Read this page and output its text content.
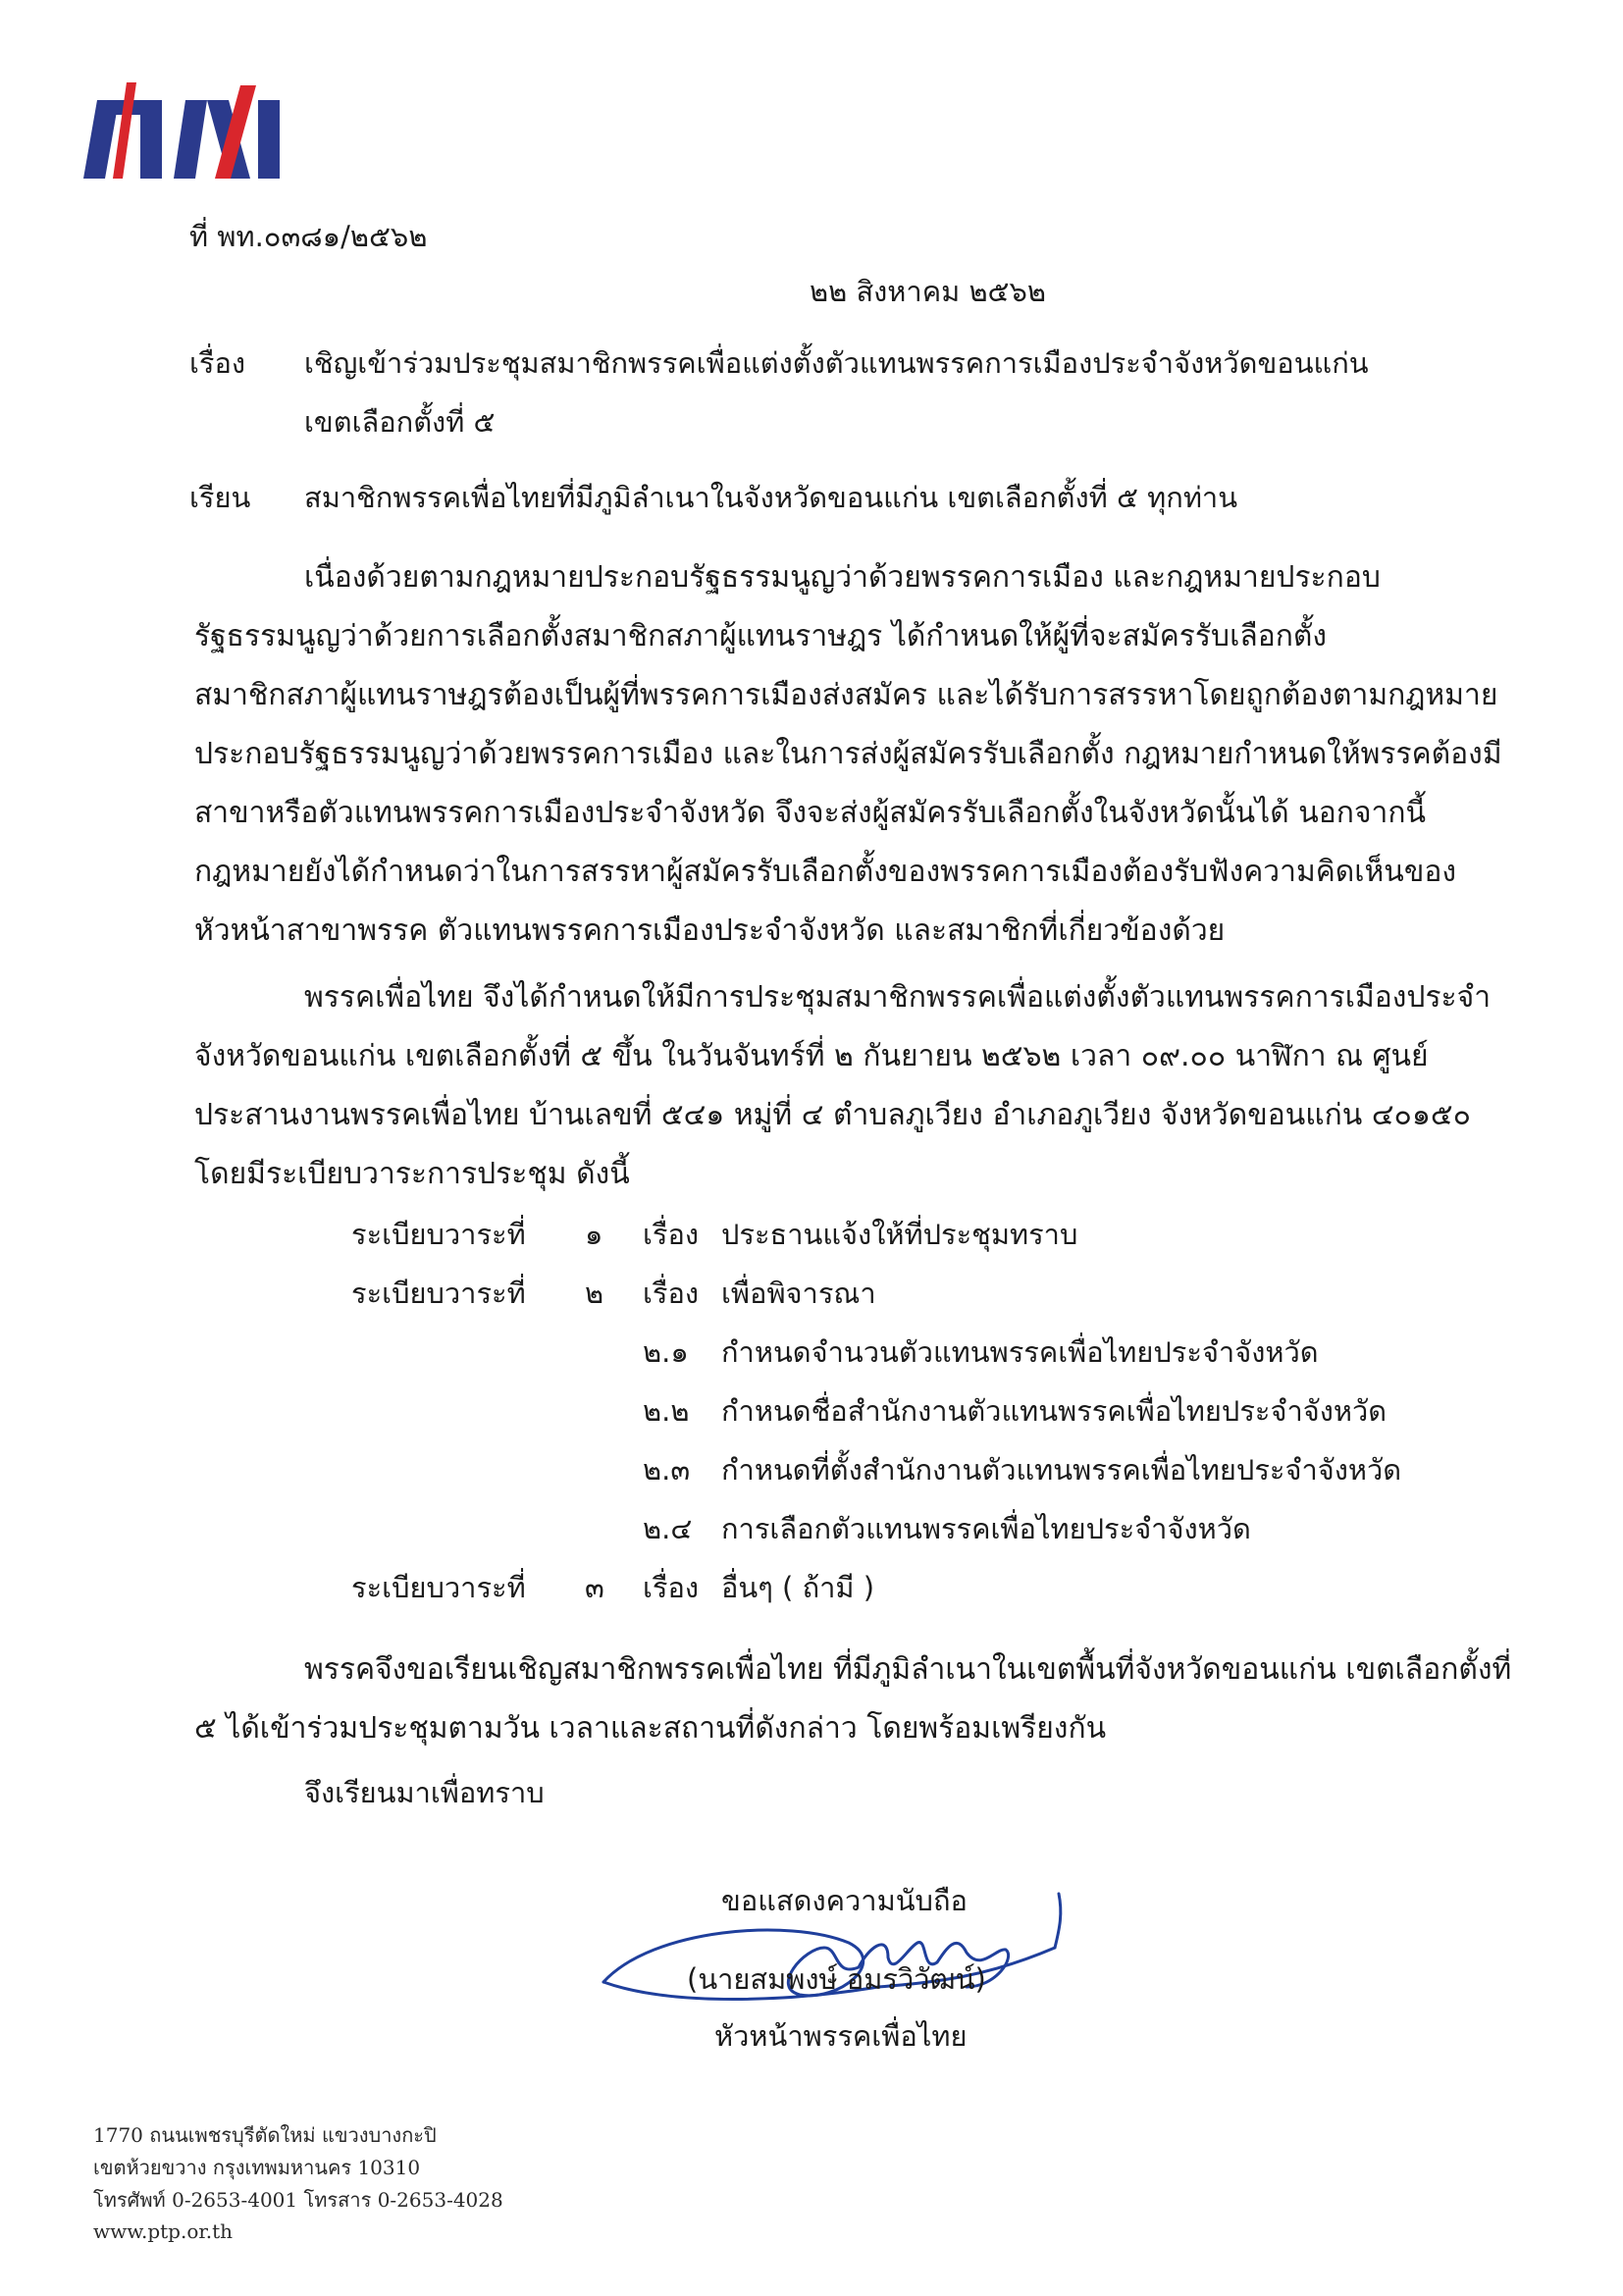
ที่ พท.๐๓๘๑/๒๕๖๒
๒๒ สิงหาคม ๒๕๖๒
เรื่อง เชิญเข้าร่วมประชุมสมาชิกพรรคเพื่อแต่งตั้งตัวแทนพรรคการเมืองประจำจังหวัดขอนแก่น
เขตเลือกตั้งที่ ๕
เรียน สมาชิกพรรคเพื่อไทยที่มีภูมิลำเนาในจังหวัดขอนแก่น เขตเลือกตั้งที่ ๕ ทุกท่าน
เนื่องด้วยตามกฎหมายประกอบรัฐธรรมนูญว่าด้วยพรรคการเมือง และกฎหมายประกอบ
รัฐธรรมนูญว่าด้วยการเลือกตั้งสมาชิกสภาผู้แทนราษฎร ได้กำหนดให้ผู้ที่จะสมัครรับเลือกตั้ง
สมาชิกสภาผู้แทนราษฎรต้องเป็นผู้ที่พรรคการเมืองส่งสมัคร และได้รับการสรรหาโดยถูกต้องตามกฎหมาย
ประกอบรัฐธรรมนูญว่าด้วยพรรคการเมือง และในการส่งผู้สมัครรับเลือกตั้ง กฎหมายกำหนดให้พรรคต้องมี
สาขาหรือตัวแทนพรรคการเมืองประจำจังหวัด จึงจะส่งผู้สมัครรับเลือกตั้งในจังหวัดนั้นได้ นอกจากนี้
กฎหมายยังได้กำหนดว่าในการสรรหาผู้สมัครรับเลือกตั้งของพรรคการเมืองต้องรับฟังความคิดเห็นของ
หัวหน้าสาขาพรรค ตัวแทนพรรคการเมืองประจำจังหวัด และสมาชิกที่เกี่ยวข้องด้วย
พรรคเพื่อไทย จึงได้กำหนดให้มีการประชุมสมาชิกพรรคเพื่อแต่งตั้งตัวแทนพรรคการเมืองประจำ
จังหวัดขอนแก่น เขตเลือกตั้งที่ ๕ ขึ้น ในวันจันทร์ที่ ๒ กันยายน ๒๕๖๒ เวลา ๐๙.๐๐ นาฬิกา ณ ศูนย์
ประสานงานพรรคเพื่อไทย บ้านเลขที่ ๕๔๑ หมู่ที่ ๔ ตำบลภูเวียง อำเภอภูเวียง จังหวัดขอนแก่น ๔๐๑๕๐
โดยมีระเบียบวาระการประชุม ดังนี้
ระเบียบวาระที่ ๑ เรื่อง ประธานแจ้งให้ที่ประชุมทราบ
ระเบียบวาระที่ ๒ เรื่อง เพื่อพิจารณา
๒.๑ กำหนดจำนวนตัวแทนพรรคเพื่อไทยประจำจังหวัด
๒.๒ กำหนดชื่อสำนักงานตัวแทนพรรคเพื่อไทยประจำจังหวัด
๒.๓ กำหนดที่ตั้งสำนักงานตัวแทนพรรคเพื่อไทยประจำจังหวัด
๒.๔ การเลือกตัวแทนพรรคเพื่อไทยประจำจังหวัด
ระเบียบวาระที่ ๓ เรื่อง อื่นๆ ( ถ้ามี )
พรรคจึงขอเรียนเชิญสมาชิกพรรคเพื่อไทย ที่มีภูมิลำเนาในเขตพื้นที่จังหวัดขอนแก่น เขตเลือกตั้งที่
๕ ได้เข้าร่วมประชุมตามวัน เวลาและสถานที่ดังกล่าว โดยพร้อมเพรียงกัน
จึงเรียนมาเพื่อทราบ
ขอแสดงความนับถือ
(นายสมพงษ์ อมรวิวัฒน์)
หัวหน้าพรรคเพื่อไทย
1770 ถนนเพชรบุรีตัดใหม่ แขวงบางกะปิ
เขตห้วยขวาง กรุงเทพมหานคร 10310
โทรศัพท์ 0-2653-4001 โทรสาร 0-2653-4028
www.ptp.or.th
